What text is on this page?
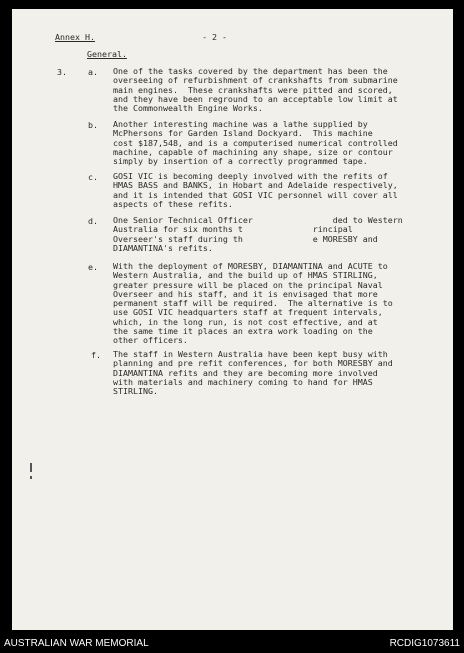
Annex H.	- 2 -
General.
3.	a. One of the tasks covered by the department has been the
overseeing of refurbishment of crankshafts from submarine
main engines.  These crankshafts were pitted and scored,
and they have been reground to an acceptable low limit at
the Commonwealth Engine Works.
b. Another interesting machine was a lathe supplied by
McPhersons for Garden Island Dockyard.  This machine
cost $187,548, and is a computerised numerical controlled
machine, capable of machining any shape, size or contour
simply by insertion of a correctly programmed tape.
c. GOSI VIC is becoming deeply involved with the refits of
HMAS BASS and BANKS, in Hobart and Adelaide respectively,
and it is intended that GOSI VIC personnel will cover all
aspects of these refits.
d. One Senior Technical Officer                ded to Western
Australia for six months t              rincipal
Overseer's staff during th              e MORESBY and
DIAMANTINA's refits.
e. With the deployment of MORESBY, DIAMANTINA and ACUTE to
Western Australia, and the build up of HMAS STIRLING,
greater pressure will be placed on the principal Naval
Overseer and his staff, and it is envisaged that more
permanent staff will be required.  The alternative is to
use GOSI VIC headquarters staff at frequent intervals,
which, in the long run, is not cost effective, and at
the same time it places an extra work loading on the
other officers.
f. The staff in Western Australia have been kept busy with
planning and pre refit conferences, for both MORESBY and
DIAMANTINA refits and they are becoming more involved
with materials and machinery coming to hand for HMAS
STIRLING.
AUSTRALIAN WAR MEMORIAL	RCDIG1073611
